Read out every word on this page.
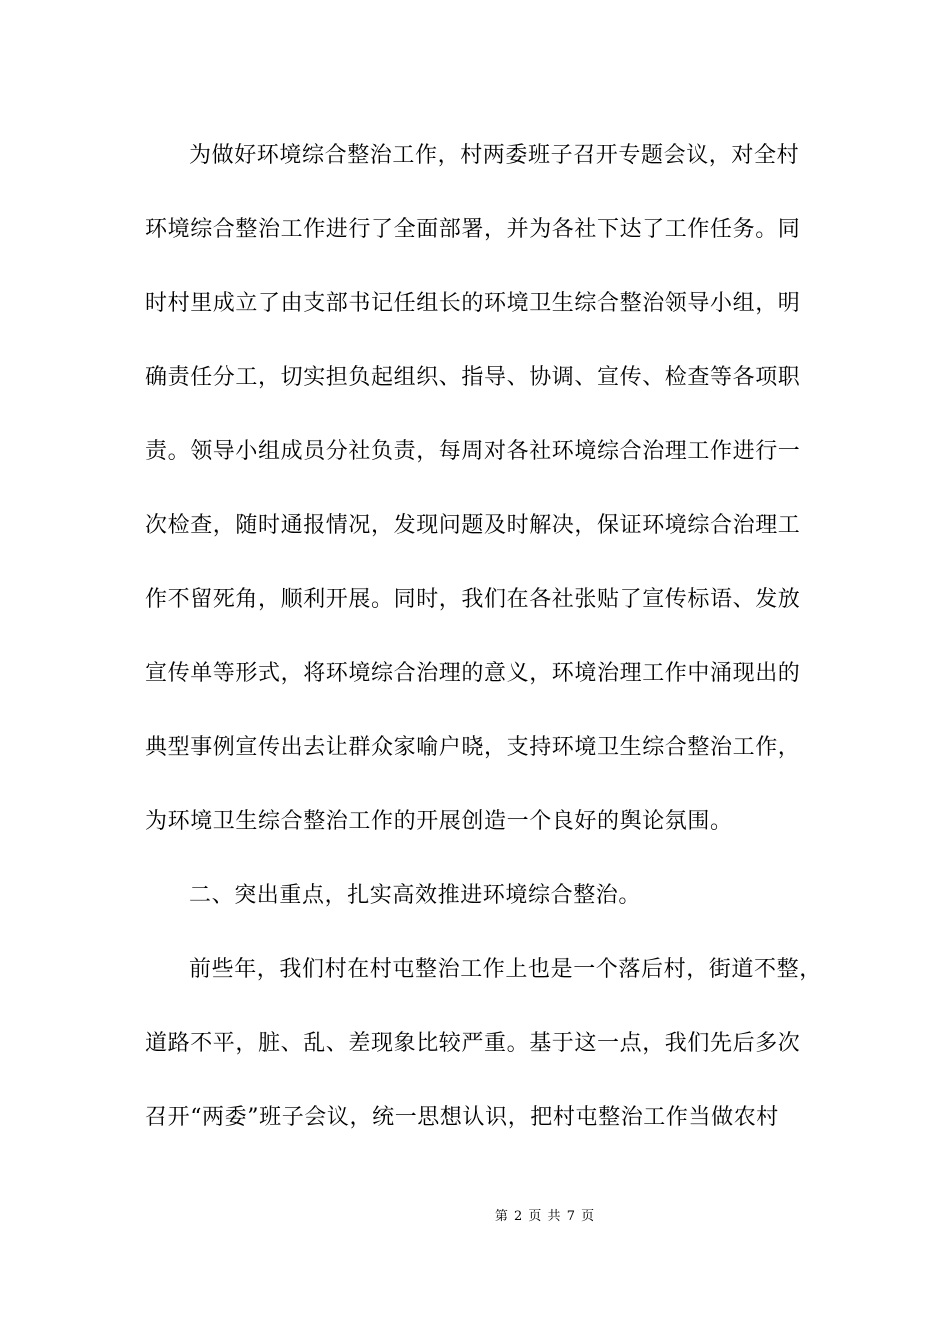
为做好环境综合整治工作，村两委班子召开专题会议，对全村
环境综合整治工作进行了全面部署，并为各社下达了工作任务。同
时村里成立了由支部书记任组长的环境卫生综合整治领导小组，明
确责任分工，切实担负起组织、指导、协调、宣传、检查等各项职
责。领导小组成员分社负责，每周对各社环境综合治理工作进行一
次检查，随时通报情况，发现问题及时解决，保证环境综合治理工
作不留死角，顺利开展。同时，我们在各社张贴了宣传标语、发放
宣传单等形式，将环境综合治理的意义，环境治理工作中涌现出的
典型事例宣传出去让群众家喻户晓，支持环境卫生综合整治工作，
为环境卫生综合整治工作的开展创造一个良好的舆论氛围。
二、突出重点，扎实高效推进环境综合整治。
前些年，我们村在村屯整治工作上也是一个落后村，街道不整，
道路不平，脏、乱、差现象比较严重。基于这一点，我们先后多次
召开“两委”班子会议，统一思想认识，把村屯整治工作当做农村
第 2 页 共 7 页
